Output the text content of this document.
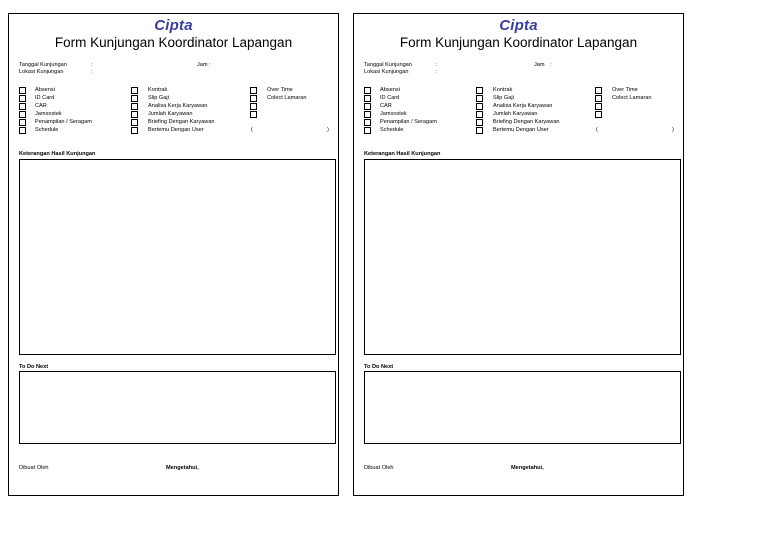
Cipta
Form Kunjungan Koordinator Lapangan
Tanggal Kunjungan	:	Jam :
Lokasi Kunjungan	:
Absensi
ID Card
CAR
Jamsostek
Penampilan / Seragam
Schedule
Kontrak
Slip Gaji
Analisa Kerja Karyawan
Jumlah Karyawan
Briefing Dengan Karyawan
Bertemu Dengan User
Over Time
Colect Lamaran
(	)
Keterangan Hasil Kunjungan
To Do Next
Dibuat Oleh	Mengetahui,
Cipta
Form Kunjungan Koordinator Lapangan
Tanggal Kunjungan	:	Jam :
Lokasi Kunjungan	:
Absensi
ID Card
CAR
Jamsostek
Penampilan / Seragam
Schedule
Kontrak
Slip Gaji
Analisa Kerja Karyawan
Jumlah Karyawan
Briefing Dengan Karyawan
Bertemu Dengan User
Over Time
Colect Lamaran
(	)
Keterangan Hasil Kunjungan
To Do Next
Dibuat Oleh	Mengetahui,
